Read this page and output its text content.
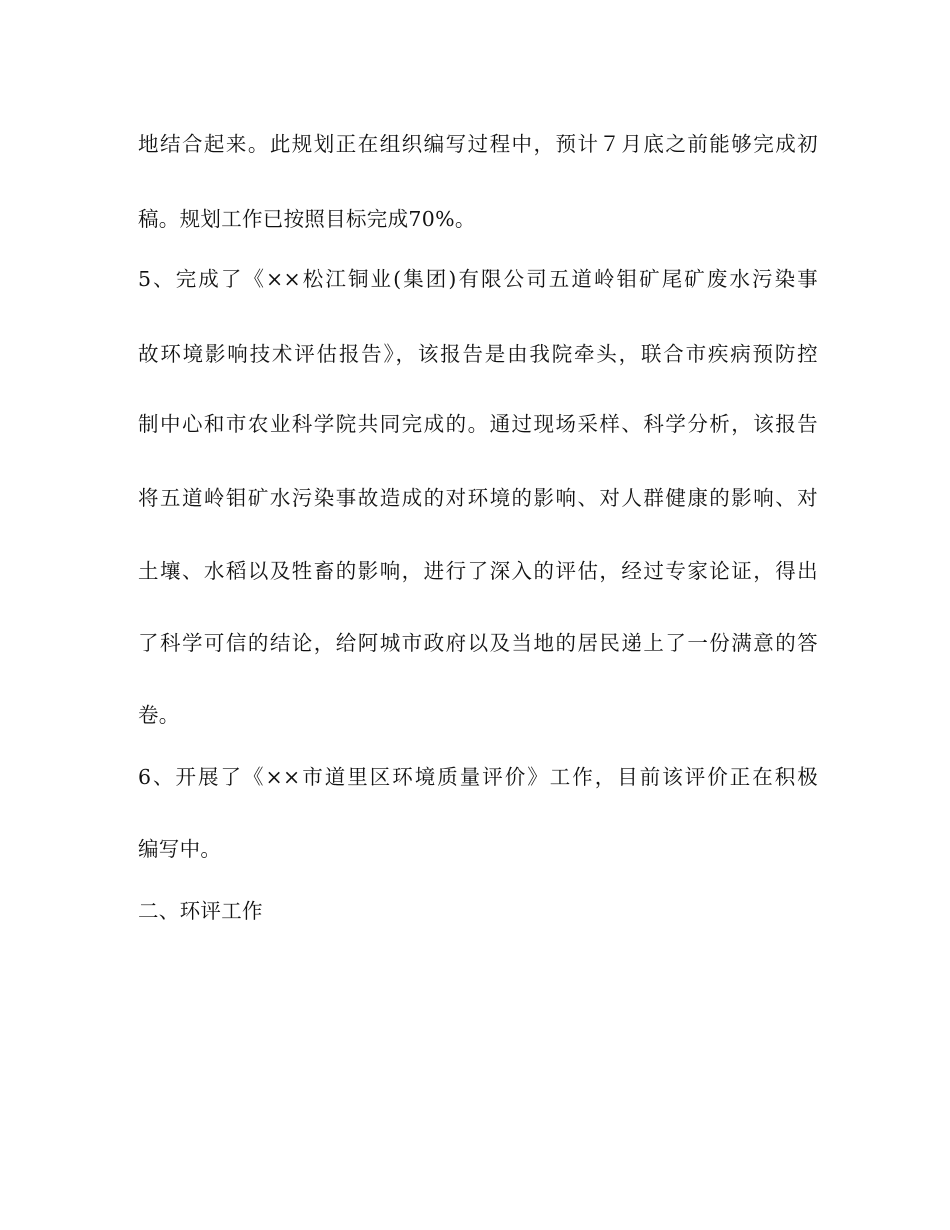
地结合起来。此规划正在组织编写过程中，预计７月底之前能够完成初

稿。规划工作已按照目标完成70%。

5、完成了《××松江铜业(集团)有限公司五道岭钼矿尾矿废水污染事

故环境影响技术评估报告》，该报告是由我院牵头，联合市疾病预防控

制中心和市农业科学院共同完成的。通过现场采样、科学分析，该报告

将五道岭钼矿水污染事故造成的对环境的影响、对人群健康的影响、对

土壤、水稻以及牲畜的影响，进行了深入的评估，经过专家论证，得出

了科学可信的结论，给阿城市政府以及当地的居民递上了一份满意的答

卷。

6、开展了《××市道里区环境质量评价》工作，目前该评价正在积极

编写中。

二、环评工作
